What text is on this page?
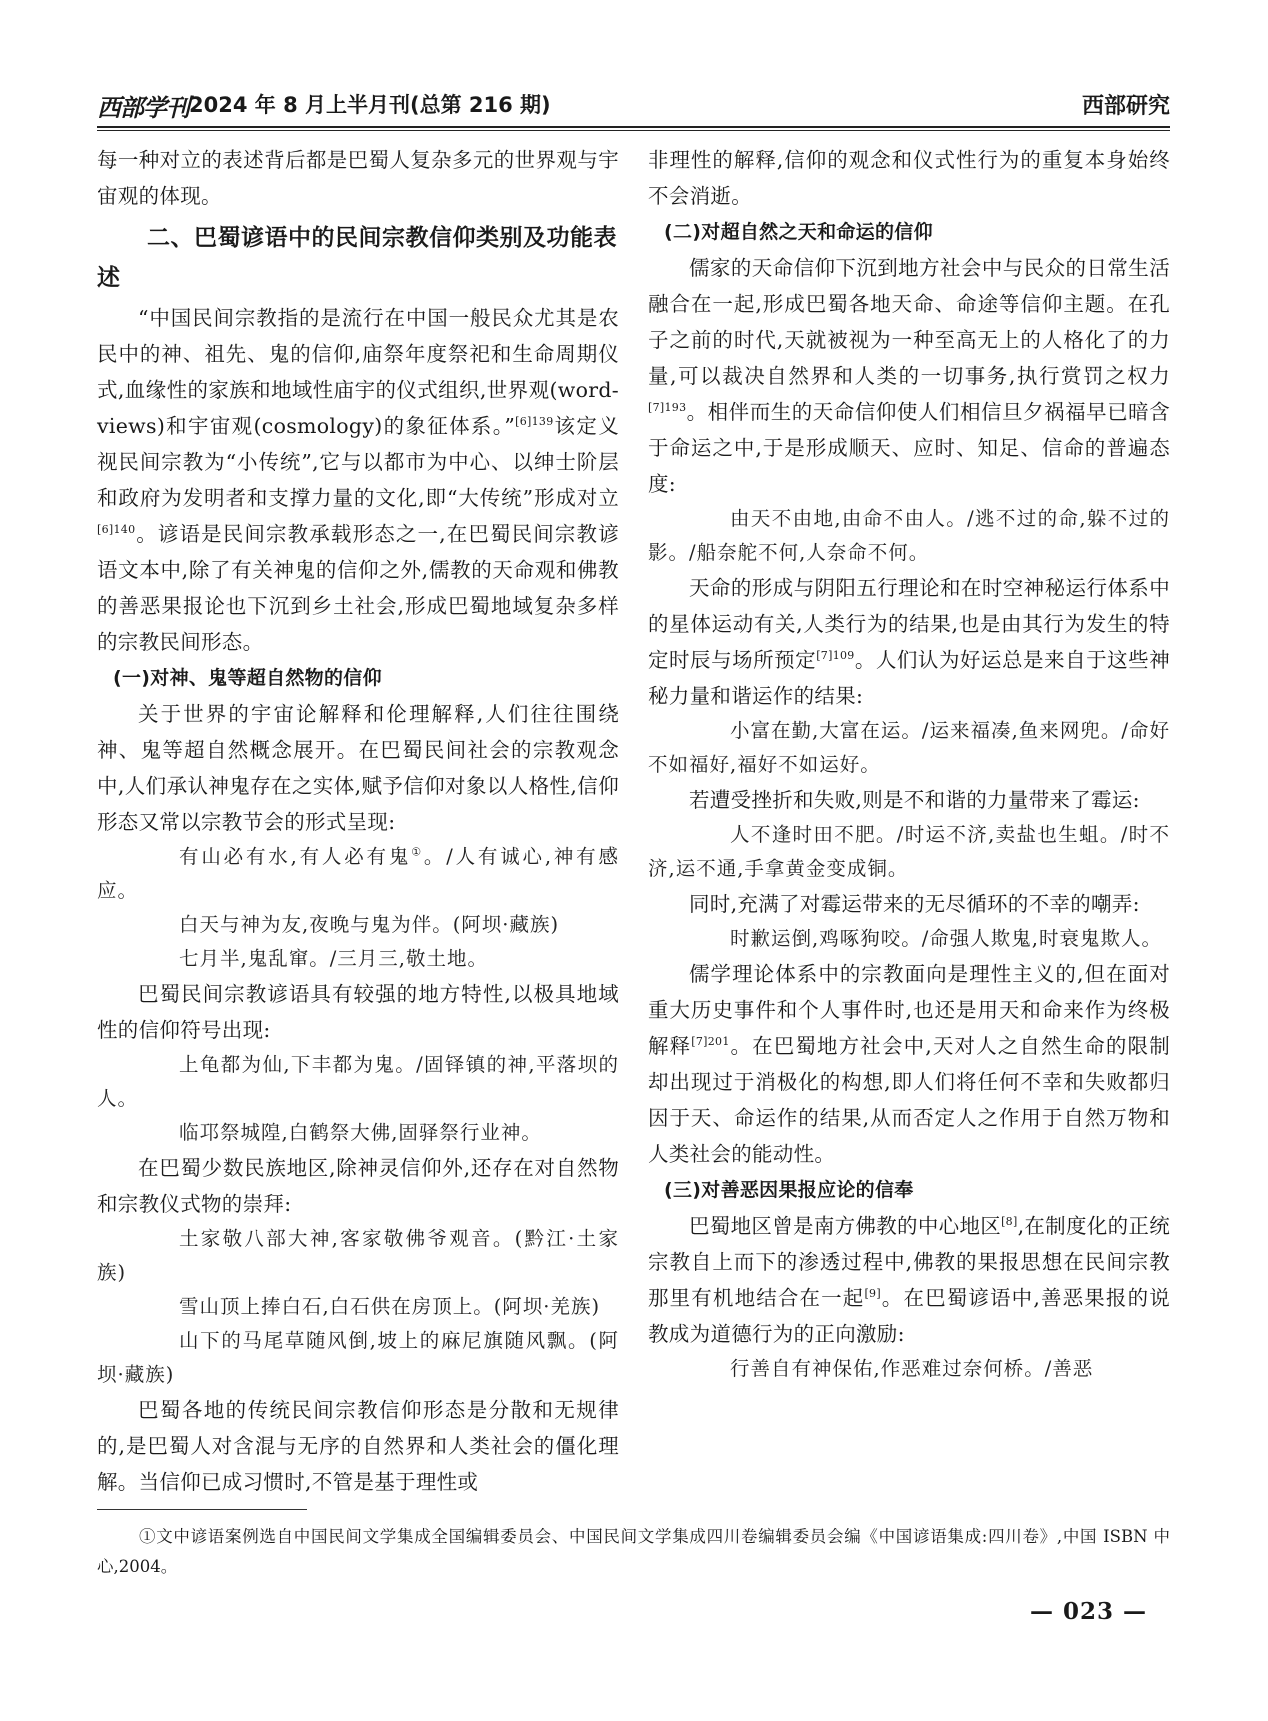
西部学刊 2024 年 8 月上半月刊(总第 216 期)	西部研究

每一种对立的表述背后都是巴蜀人复杂多元的世界观与宇宙观的体现。

二、巴蜀谚语中的民间宗教信仰类别及功能表述

“中国民间宗教指的是流行在中国一般民众尤其是农民中的神、祖先、鬼的信仰,庙祭年度祭祀和生命周期仪式,血缘性的家族和地域性庙宇的仪式组织,世界观(word-views)和宇宙观(cosmology)的象征体系。”$^{[6]139}$该定义视民间宗教为“小传统”,它与以都市为中心、以绅士阶层和政府为发明者和支撑力量的文化,即“大传统”形成对立$^{[6]140}$。谚语是民间宗教承载形态之一,在巴蜀民间宗教谚语文本中,除了有关神鬼的信仰之外,儒教的天命观和佛教的善恶果报论也下沉到乡土社会,形成巴蜀地域复杂多样的宗教民间形态。

(一)对神、鬼等超自然物的信仰

关于世界的宇宙论解释和伦理解释,人们往往围绕神、鬼等超自然概念展开。在巴蜀民间社会的宗教观念中,人们承认神鬼存在之实体,赋予信仰对象以人格性,信仰形态又常以宗教节会的形式呈现:

有山必有水,有人必有鬼①。/人有诚心,神有感应。

白天与神为友,夜晚与鬼为伴。(阿坝·藏族)

七月半,鬼乱窜。/三月三,敬土地。

巴蜀民间宗教谚语具有较强的地方特性,以极具地域性的信仰符号出现:

上龟都为仙,下丰都为鬼。/固铎镇的神,平落坝的人。

临邛祭城隍,白鹤祭大佛,固驿祭行业神。

在巴蜀少数民族地区,除神灵信仰外,还存在对自然物和宗教仪式物的崇拜:

土家敬八部大神,客家敬佛爷观音。(黔江·土家族)

雪山顶上捧白石,白石供在房顶上。(阿坝·羌族)

山下的马尾草随风倒,坡上的麻尼旗随风飘。(阿坝·藏族)

巴蜀各地的传统民间宗教信仰形态是分散和无规律的,是巴蜀人对含混与无序的自然界和人类社会的僵化理解。当信仰已成习惯时,不管是基于理性或

非理性的解释,信仰的观念和仪式性行为的重复本身始终不会消逝。

(二)对超自然之天和命运的信仰

儒家的天命信仰下沉到地方社会中与民众的日常生活融合在一起,形成巴蜀各地天命、命途等信仰主题。在孔子之前的时代,天就被视为一种至高无上的人格化了的力量,可以裁决自然界和人类的一切事务,执行赏罚之权力$^{[7]193}$。相伴而生的天命信仰使人们相信旦夕祸福早已暗含于命运之中,于是形成顺天、应时、知足、信命的普遍态度:

由天不由地,由命不由人。/逃不过的命,躲不过的影。/船奈舵不何,人奈命不何。

天命的形成与阴阳五行理论和在时空神秘运行体系中的星体运动有关,人类行为的结果,也是由其行为发生的特定时辰与场所预定$^{[7]109}$。人们认为好运总是来自于这些神秘力量和谐运作的结果:

小富在勤,大富在运。/运来福凑,鱼来网兜。/命好不如福好,福好不如运好。

若遭受挫折和失败,则是不和谐的力量带来了霉运:

人不逢时田不肥。/时运不济,卖盐也生蛆。/时不济,运不通,手拿黄金变成铜。

同时,充满了对霉运带来的无尽循环的不幸的嘲弄:

时歉运倒,鸡啄狗咬。/命强人欺鬼,时衰鬼欺人。

儒学理论体系中的宗教面向是理性主义的,但在面对重大历史事件和个人事件时,也还是用天和命来作为终极解释$^{[7]201}$。在巴蜀地方社会中,天对人之自然生命的限制却出现过于消极化的构想,即人们将任何不幸和失败都归因于天、命运作的结果,从而否定人之作用于自然万物和人类社会的能动性。

(三)对善恶因果报应论的信奉

巴蜀地区曾是南方佛教的中心地区[8],在制度化的正统宗教自上而下的渗透过程中,佛教的果报思想在民间宗教那里有机地结合在一起[9]。在巴蜀谚语中,善恶果报的说教成为道德行为的正向激励:

行善自有神保佑,作恶难过奈何桥。/善恶

①文中谚语案例选自中国民间文学集成全国编辑委员会、中国民间文学集成四川卷编辑委员会编《中国谚语集成:四川卷》,中国 ISBN 中心,2004。

— 023 —
